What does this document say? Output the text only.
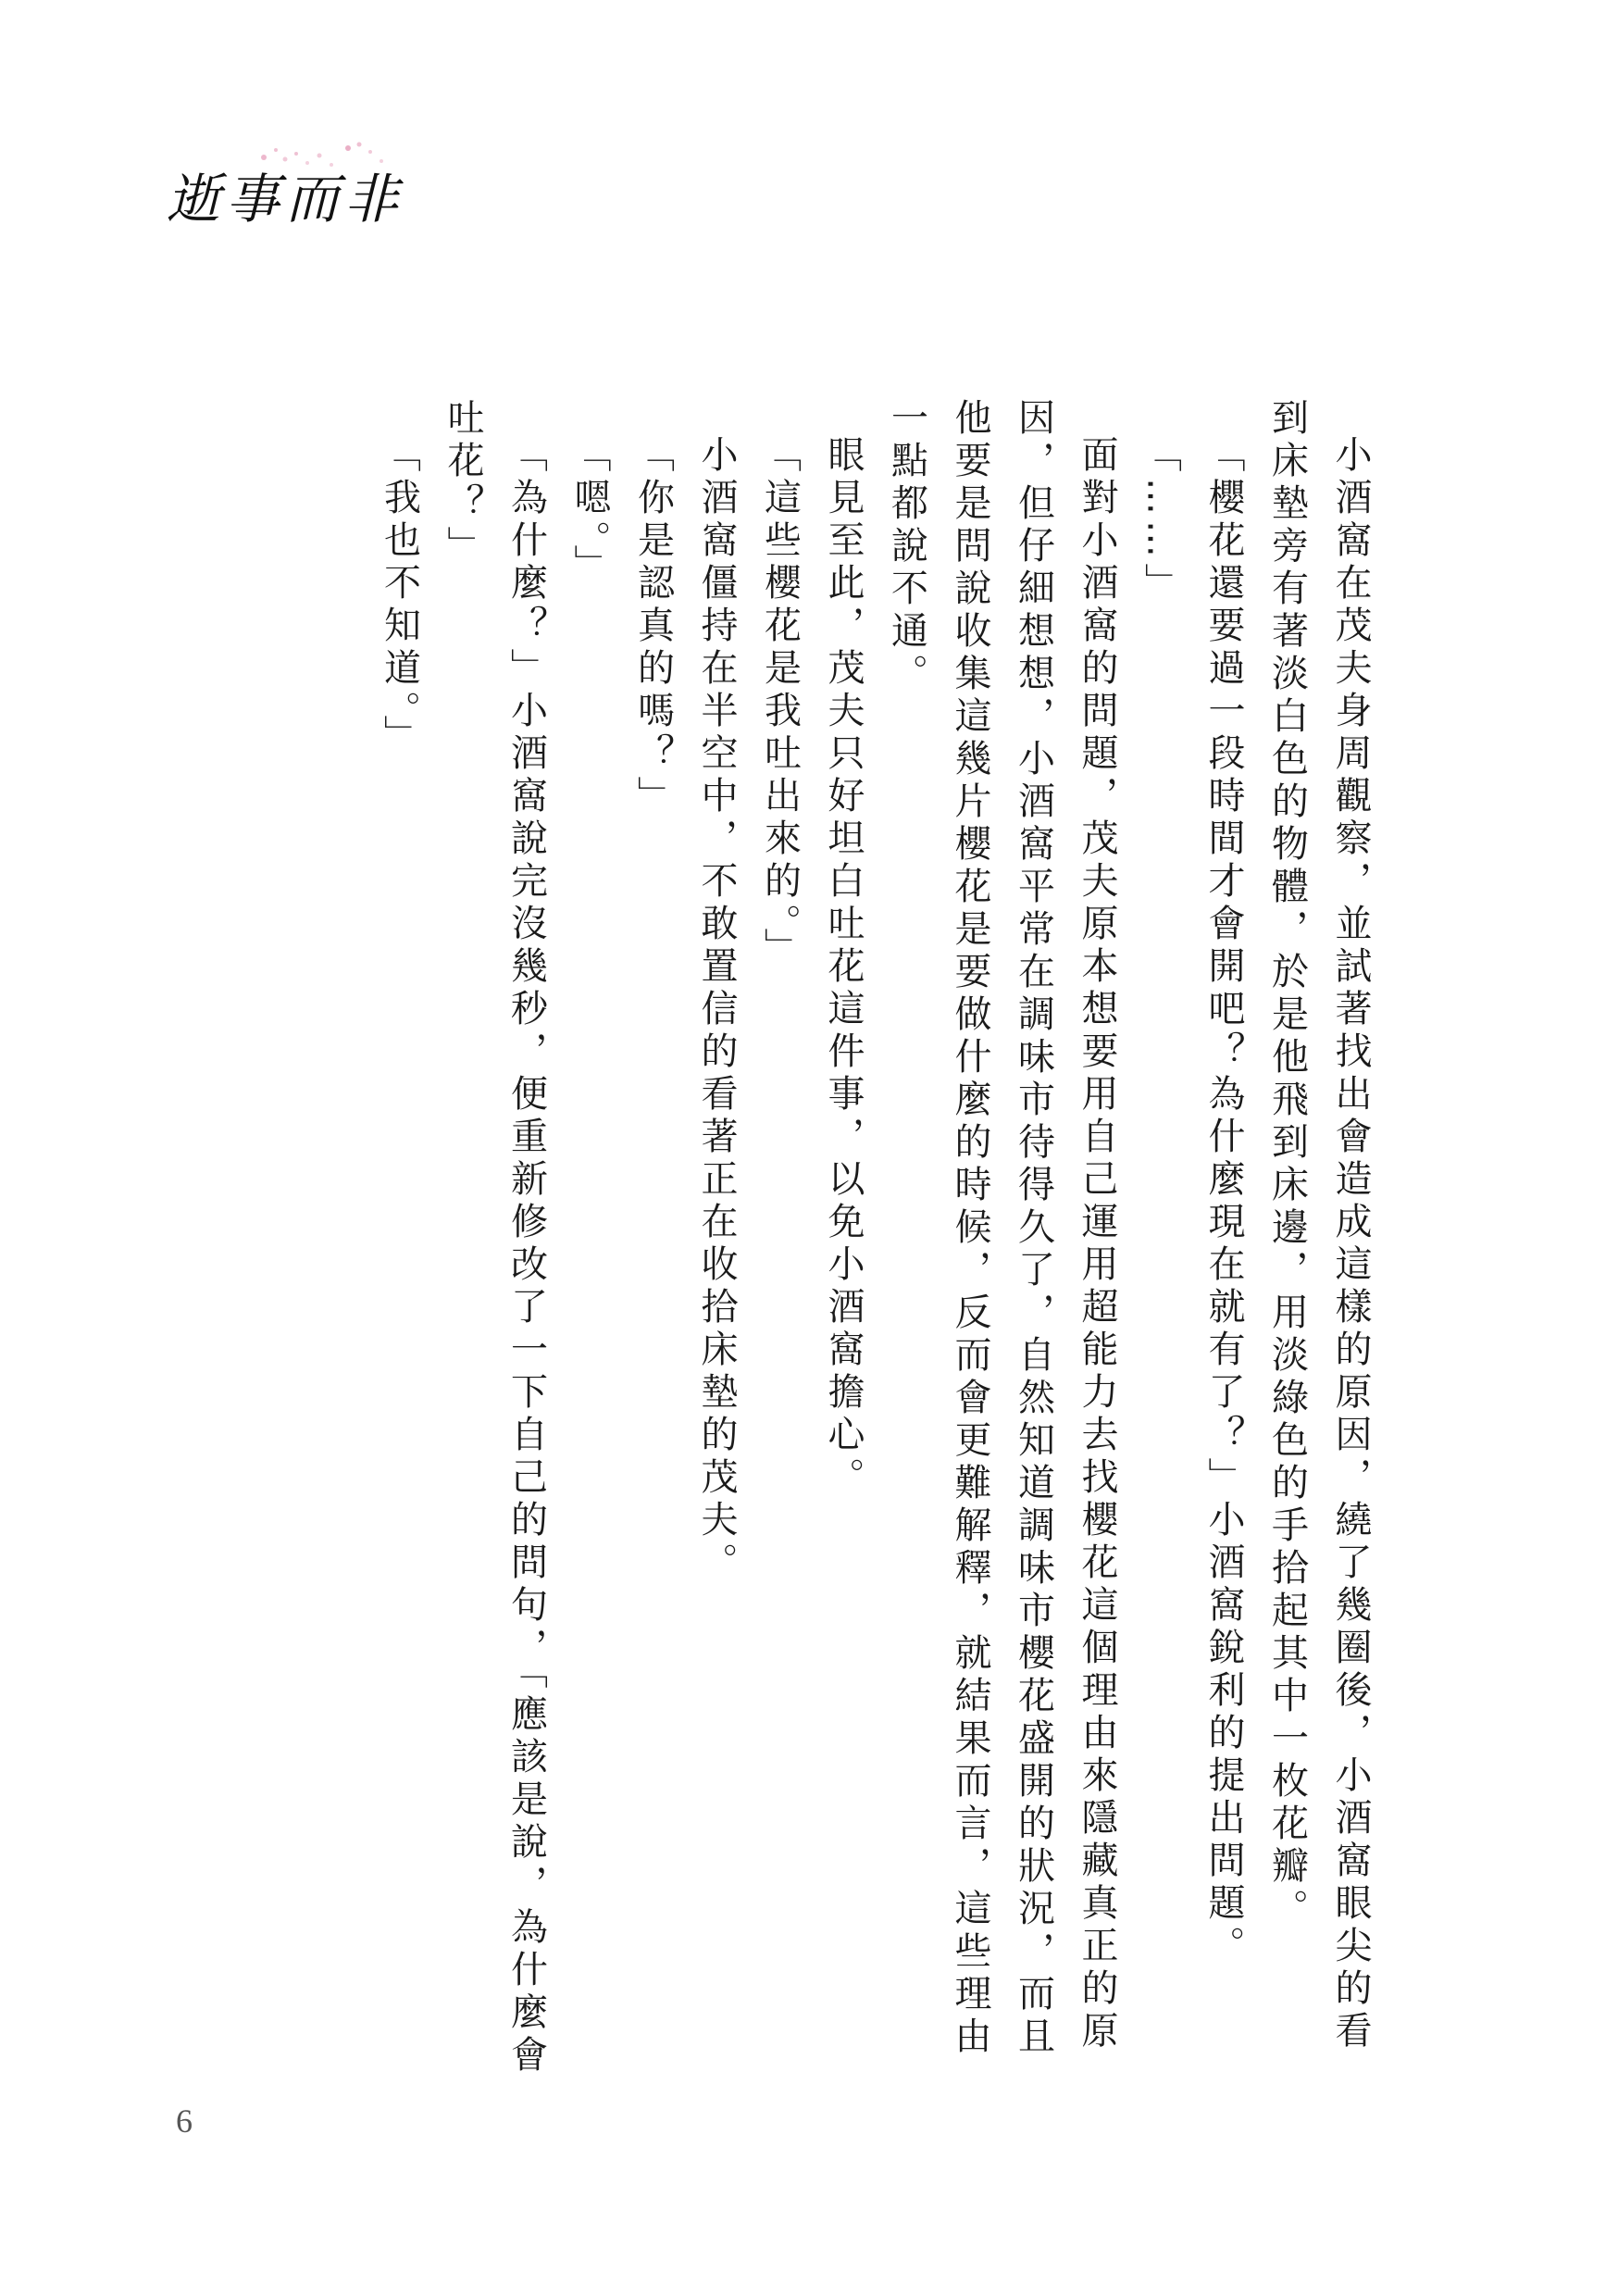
逝事而非

小酒窩在茂夫身周觀察，並試著找出會造成這樣的原因，繞了幾圈後，小酒窩眼尖的看到床墊旁有著淡白色的物體，於是他飛到床邊，用淡綠色的手拾起其中一枚花瓣。

「櫻花還要過一段時間才會開吧？為什麼現在就有了？」小酒窩銳利的提出問題。

「……」

面對小酒窩的問題，茂夫原本想要用自己運用超能力去找櫻花這個理由來隱藏真正的原因，但仔細想想，小酒窩平常在調味市待得久了，自然知道調味市櫻花盛開的狀況，而且他要是問說收集這幾片櫻花是要做什麼的時候，反而會更難解釋，就結果而言，這些理由一點都說不通。

眼見至此，茂夫只好坦白吐花這件事，以免小酒窩擔心。

「這些櫻花是我吐出來的。」

小酒窩僵持在半空中，不敢置信的看著正在收拾床墊的茂夫。

「你是認真的嗎？」

「嗯。」

「為什麼？」小酒窩說完沒幾秒，便重新修改了一下自己的問句，「應該是說，為什麼會吐花？」

「我也不知道。」

6
